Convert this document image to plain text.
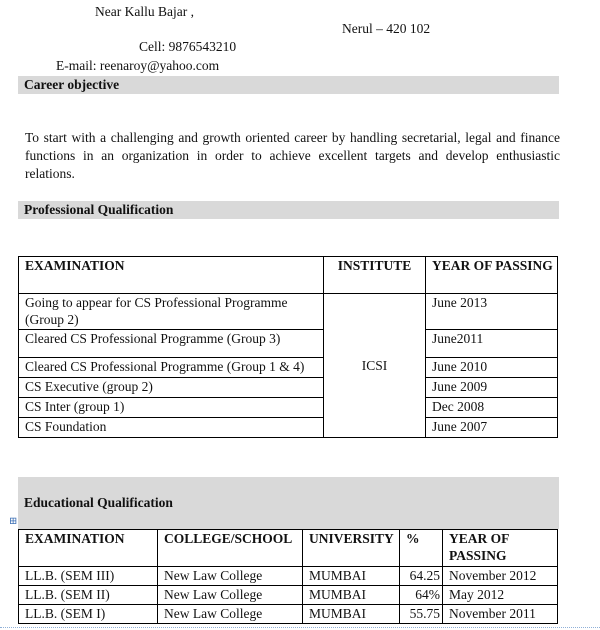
Near Kallu Bajar ,
Nerul – 420 102
Cell: 9876543210
E-mail: reenaroy@yahoo.com
Career objective
To start with a challenging and growth oriented career by handling secretarial, legal and finance functions in an organization in order to achieve excellent targets and develop enthusiastic relations.
Professional Qualification
EXAMINATION	INSTITUTE	YEAR OF PASSING
Going to appear for CS Professional Programme (Group 2)	ICSI	June 2013
Cleared CS Professional Programme (Group 3)		June2011
Cleared CS Professional Programme (Group 1 & 4)		June 2010
CS Executive (group 2)		June 2009
CS Inter (group 1)		Dec 2008
CS Foundation		June 2007
Educational Qualification
⊞
EXAMINATION	COLLEGE/SCHOOL	UNIVERSITY	%	YEAR OF PASSING
LL.B. (SEM III)	New Law College	MUMBAI	64.25	November 2012
LL.B. (SEM II)	New Law College	MUMBAI	64%	May 2012
LL.B. (SEM I)	New Law College	MUMBAI	55.75	November 2011
